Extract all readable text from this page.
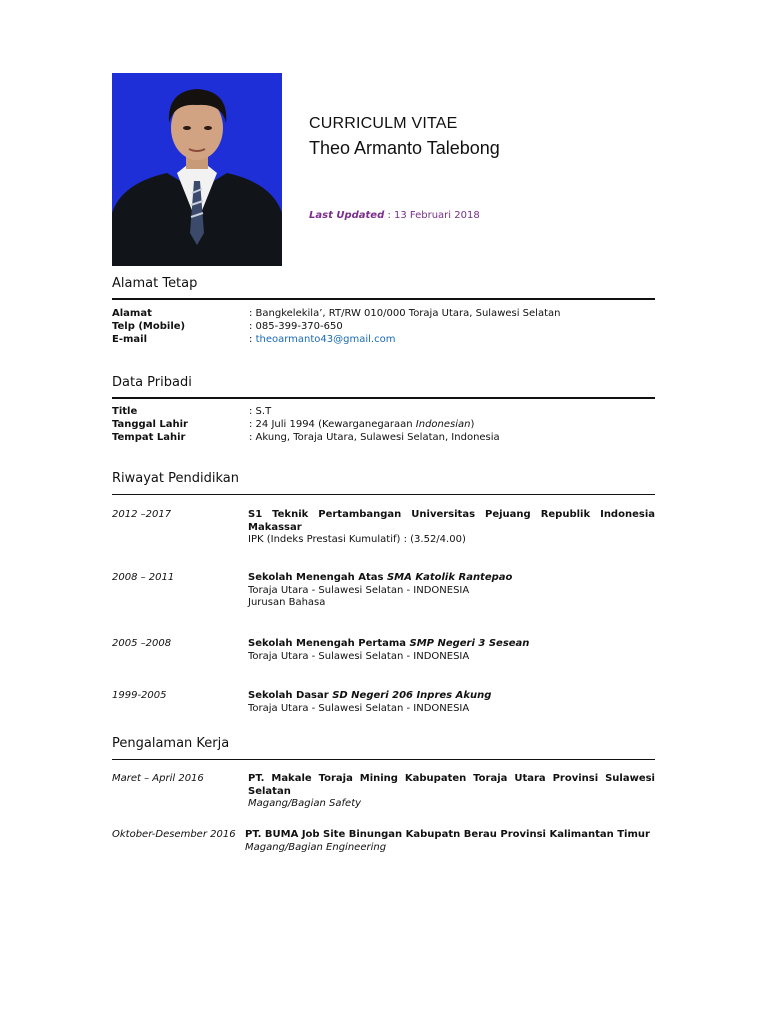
CURRICULM VITAE
Theo Armanto Talebong
Last Updated : 13 Februari 2018
Alamat Tetap
Alamat	: Bangkelekila’, RT/RW 010/000 Toraja Utara, Sulawesi Selatan
Telp (Mobile)	: 085-399-370-650
E-mail	: theoarmanto43@gmail.com
Data Pribadi
Title	: S.T
Tanggal Lahir	: 24 Juli 1994 (Kewarganegaraan Indonesian)
Tempat Lahir	: Akung, Toraja Utara, Sulawesi Selatan, Indonesia
Riwayat Pendidikan
2012 –2017	S1 Teknik Pertambangan Universitas Pejuang Republik Indonesia
Makassar
IPK (Indeks Prestasi Kumulatif) : (3.52/4.00)
2008 – 2011	Sekolah Menengah Atas SMA Katolik Rantepao
Toraja Utara - Sulawesi Selatan - INDONESIA
Jurusan Bahasa
2005 –2008	Sekolah Menengah Pertama SMP Negeri 3 Sesean
Toraja Utara - Sulawesi Selatan - INDONESIA
1999-2005	Sekolah Dasar SD Negeri 206 Inpres Akung
Toraja Utara - Sulawesi Selatan - INDONESIA
Pengalaman Kerja
Maret – April 2016	PT. Makale Toraja Mining Kabupaten Toraja Utara Provinsi Sulawesi
Selatan
Magang/Bagian Safety
Oktober-Desember 2016 PT. BUMA Job Site Binungan Kabupatn Berau Provinsi Kalimantan Timur
Magang/Bagian Engineering
